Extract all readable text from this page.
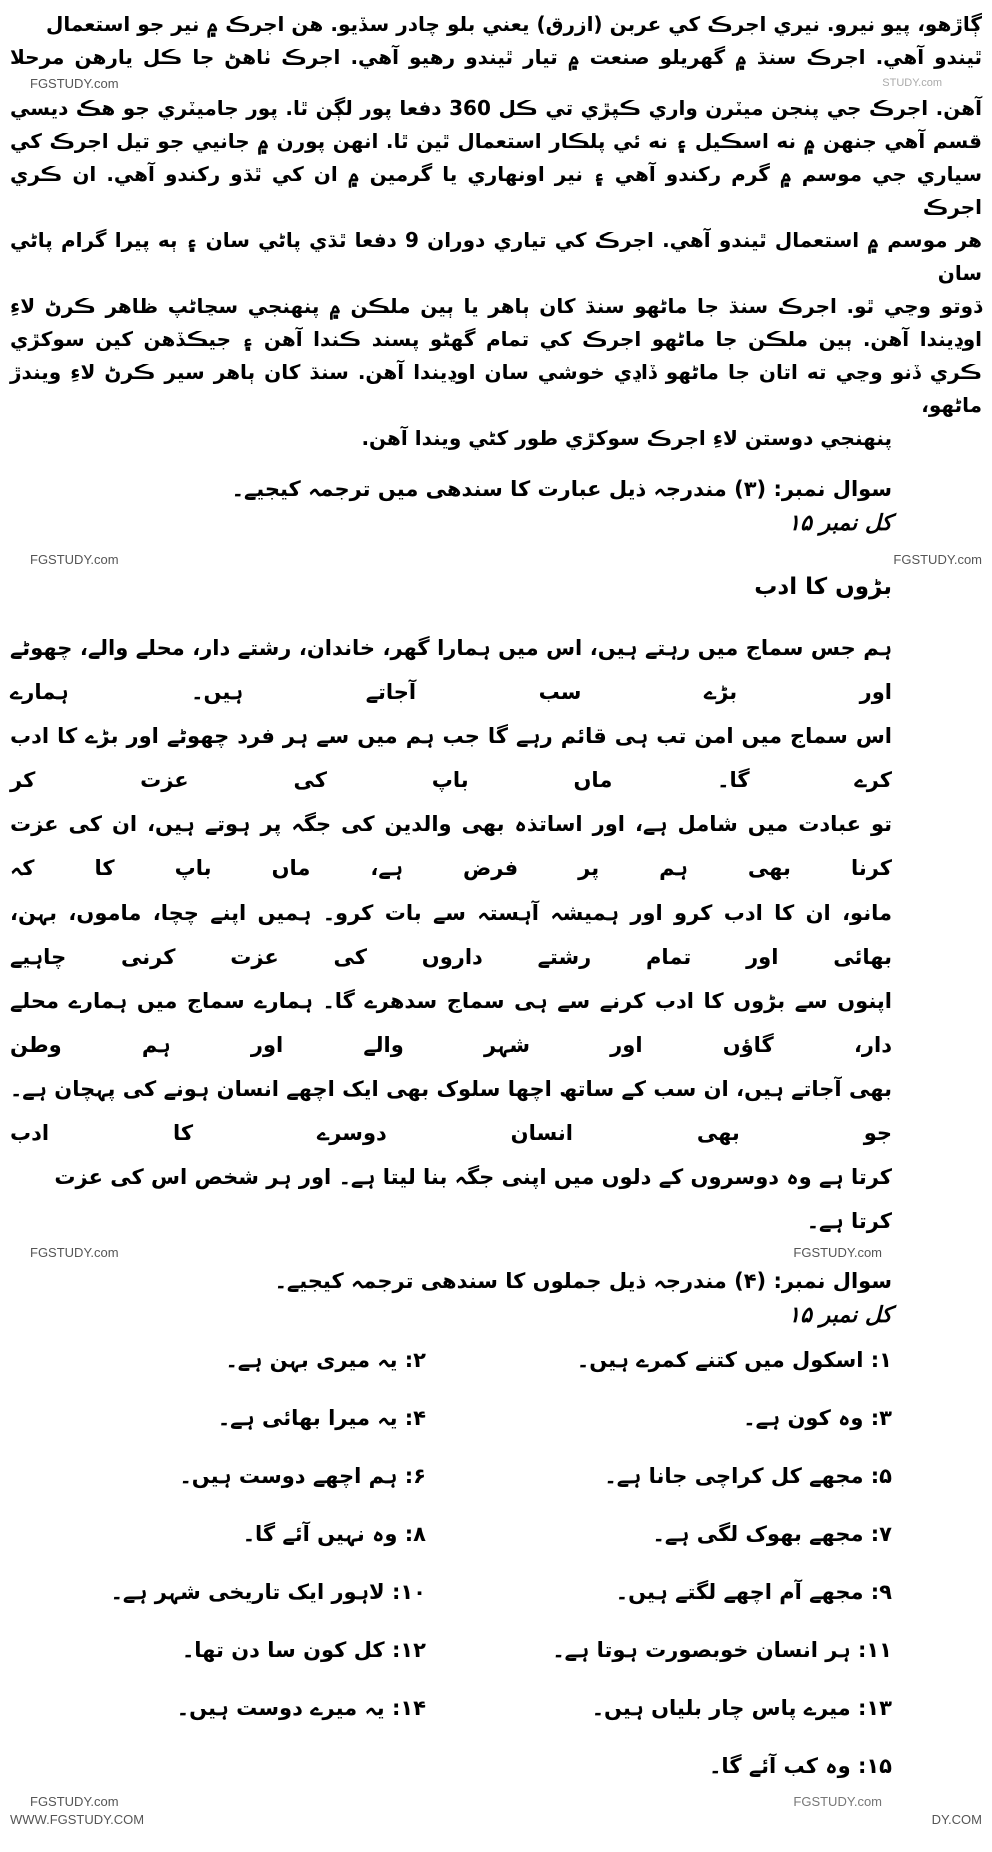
ڳاڙهو، پيو نيرو. نيري اجرڪ کي عربن (ازرق) يعني بلو چادر سڏيو. هن اجرڪ ۾ نير جو استعمال
ٿيندو آهي. اجرڪ سنڌ ۾ گهريلو صنعت ۾ تيار ٿيندو رهيو آهي. اجرڪ ٺاهڻ جا ڪل يارهن مرحلا
FGSTUDY.com	STUDY.com
آهن. اجرڪ جي پنجن ميٽرن واري ڪپڙي تي ڪل 360 دفعا پور لڳن ٿا. پور جاميٽري جو هڪ ديسي
قسم آهي جنهن ۾ نه اسڪيل ۽ نه ئي پلڪار استعمال ٿين ٿا. انهن پورن ۾ جانيي جو تيل اجرڪ کي
سياري جي موسم ۾ گرم رکندو آهي ۽ نير اونهاري يا گرمين ۾ ان کي ٿڌو رکندو آهي. ان ڪري اجرڪ
هر موسم ۾ استعمال ٿيندو آهي. اجرڪ کي تياري دوران 9 دفعا ٿڌي پاڻي سان ۽ ٻه پيرا گرام پاڻي سان
ڌوتو وڃي ٿو. اجرڪ سنڌ جا ماڻهو سنڌ کان ٻاهر يا ٻين ملڪن ۾ پنهنجي سڃاڻپ ظاهر ڪرڻ لاءِ
اوڍيندا آهن. ٻين ملڪن جا ماڻهو اجرڪ کي تمام گهڻو پسند ڪندا آهن ۽ جيڪڏهن کين سوکڙي
ڪري ڏنو وڃي ته اتان جا ماڻهو ڏاڍي خوشي سان اوڍيندا آهن. سنڌ کان ٻاهر سير ڪرڻ لاءِ ويندڙ ماڻهو،
پنهنجي دوستن لاءِ اجرڪ سوکڙي طور کڻي ويندا آهن.
سوال نمبر: (۳) مندرجہ ذیل عبارت کا سندھی میں ترجمہ کیجیے۔
کل نمبر ۱۵
FGSTUDY.com	FGSTUDY.com
بڑوں کا ادب
ہم جس سماج میں رہتے ہیں، اس میں ہمارا گھر، خاندان، رشتے دار، محلے والے، چھوٹے اور بڑے سب آجاتے ہیں۔ ہمارے
اس سماج میں امن تب ہی قائم رہے گا جب ہم میں سے ہر فرد چھوٹے اور بڑے کا ادب کرے گا۔ ماں باپ کی عزت کر
تو عبادت میں شامل ہے، اور اساتذہ بھی والدین کی جگہ پر ہوتے ہیں، ان کی عزت کرنا بھی ہم پر فرض ہے، ماں باپ کا کہ
مانو، ان کا ادب کرو اور ہمیشہ آہستہ سے بات کرو۔ ہمیں اپنے چچا، ماموں، بہن، بھائی اور تمام رشتے داروں کی عزت کرنی چاہیے
اپنوں سے بڑوں کا ادب کرنے سے ہی سماج سدھرے گا۔ ہمارے سماج میں ہمارے محلے دار، گاؤں اور شہر والے اور ہم وطن
بھی آجاتے ہیں، ان سب کے ساتھ اچھا سلوک بھی ایک اچھے انسان ہونے کی پہچان ہے۔ جو بھی انسان دوسرے کا ادب
کرتا ہے وہ دوسروں کے دلوں میں اپنی جگہ بنا لیتا ہے۔ اور ہر شخص اس کی عزت کرتا ہے۔
FGSTUDY.com	FGSTUDY.com
سوال نمبر: (۴) مندرجہ ذیل جملوں کا سندھی ترجمہ کیجیے۔
کل نمبر ۱۵
۱: اسکول میں کتنے کمرے ہیں۔
۲: یہ میری بہن ہے۔
۳: وہ کون ہے۔
۴: یہ میرا بھائی ہے۔
۵: مجھے کل کراچی جانا ہے۔
۶: ہم اچھے دوست ہیں۔
۷: مجھے بھوک لگی ہے۔
۸: وہ نہیں آئے گا۔
۹: مجھے آم اچھے لگتے ہیں۔
۱۰: لاہور ایک تاریخی شہر ہے۔
۱۱: ہر انسان خوبصورت ہوتا ہے۔
۱۲: کل کون سا دن تھا۔
۱۳: میرے پاس چار بلیاں ہیں۔
۱۴: یہ میرے دوست ہیں۔
۱۵: وہ کب آئے گا۔
FGSTUDY.com	FGSTUDY.com
WWW.FGSTUDY.COM	DY.COM
